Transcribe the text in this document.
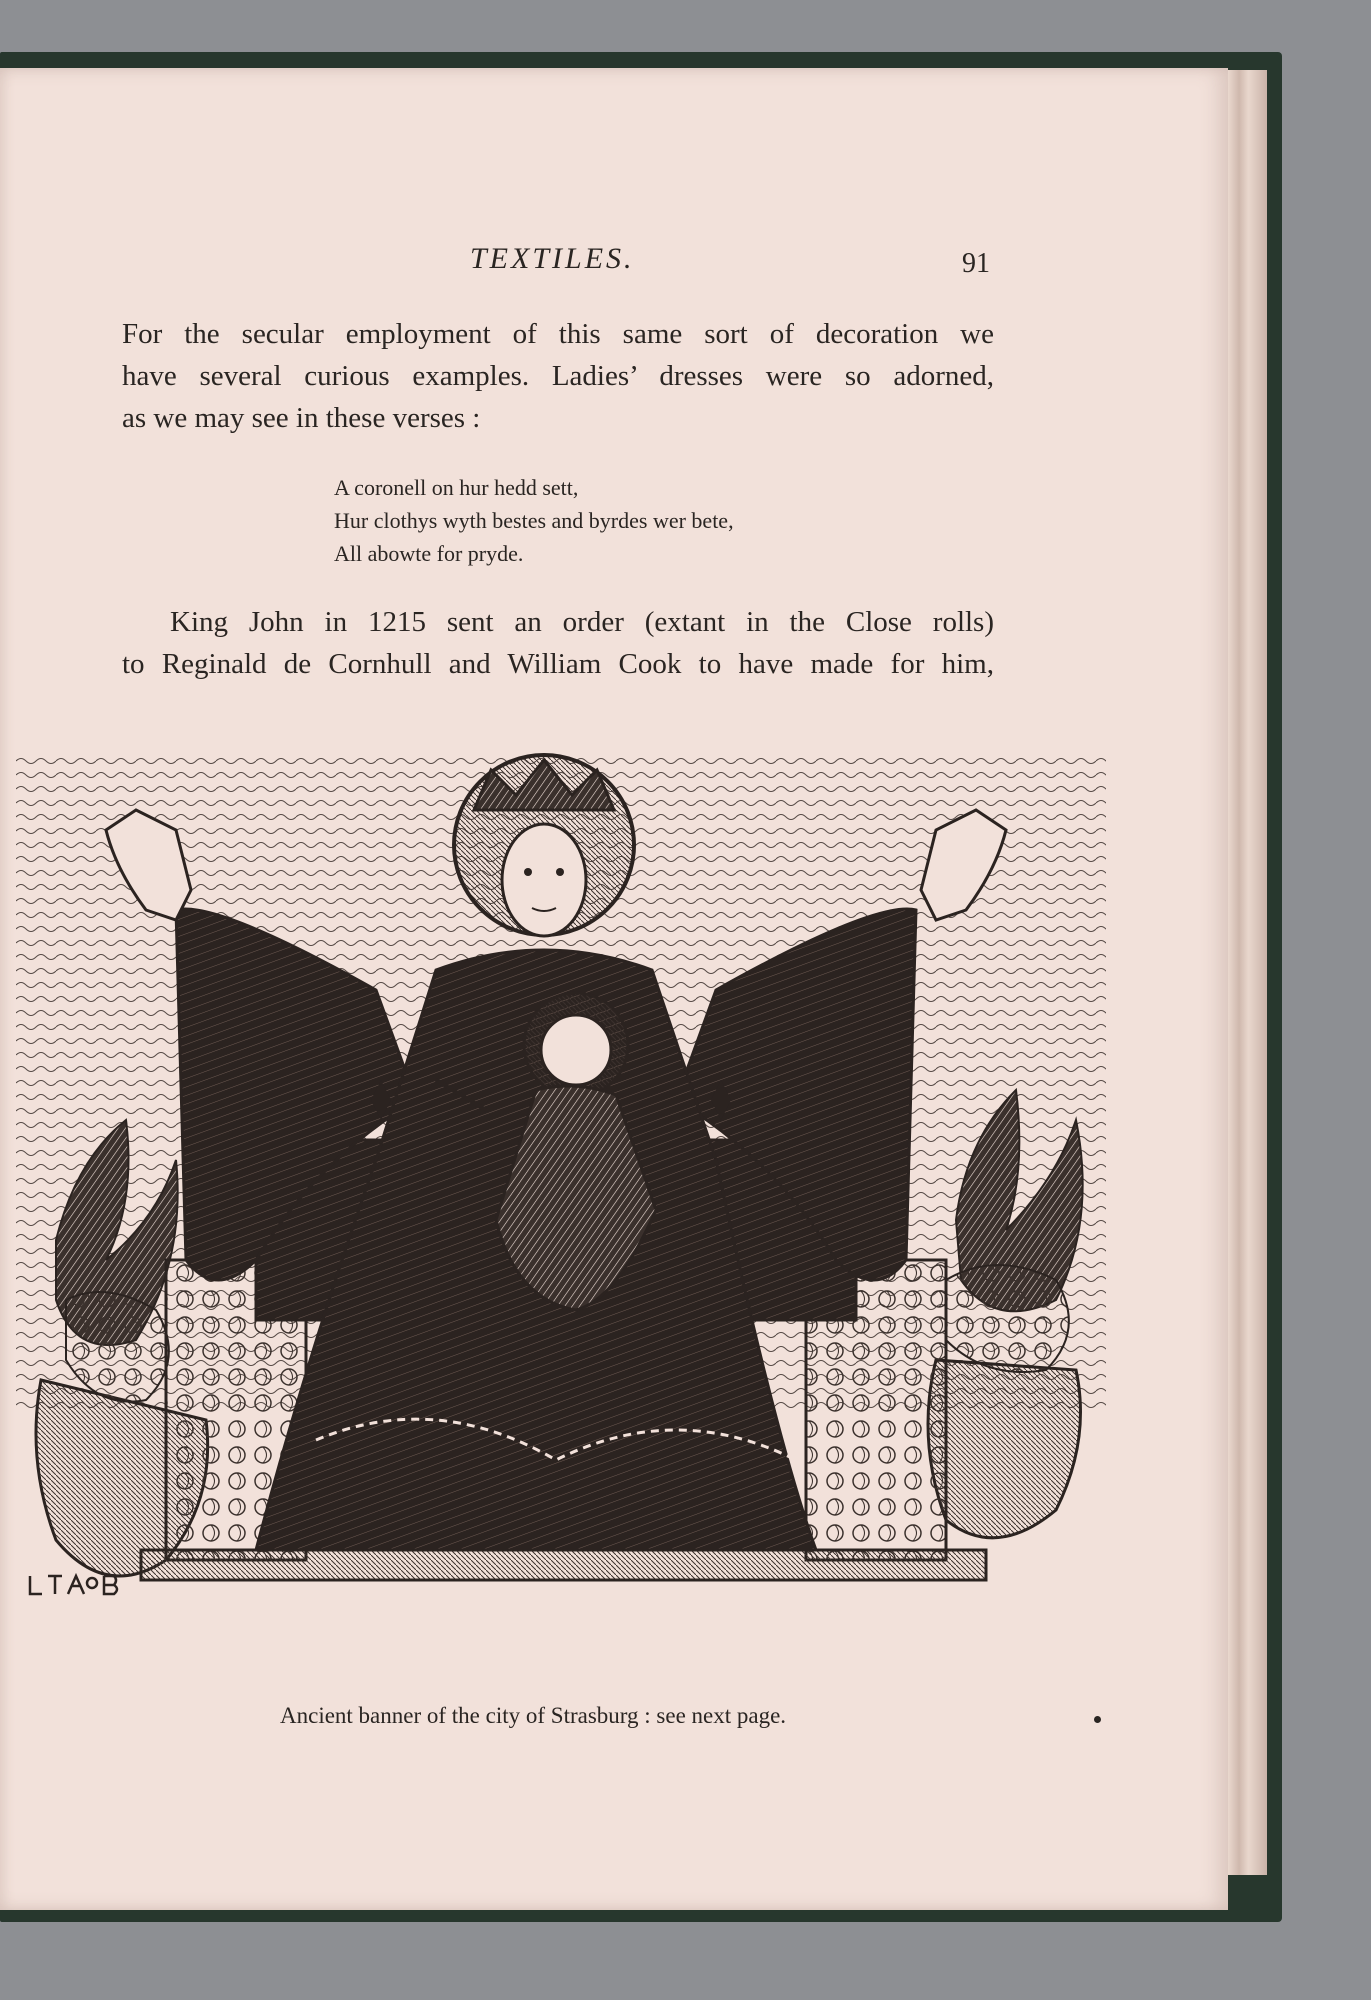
TEXTILES.	91
For the secular employment of this same sort of decoration we
have several curious examples. Ladies’ dresses were so adorned,
as we may see in these verses :
A coronell on hur hedd sett,
Hur clothys wyth bestes and byrdes wer bete,
All abowte for pryde.
King John in 1215 sent an order (extant in the Close rolls)
to Reginald de Cornhull and William Cook to have made for him,
Ancient banner of the city of Strasburg : see next page.
